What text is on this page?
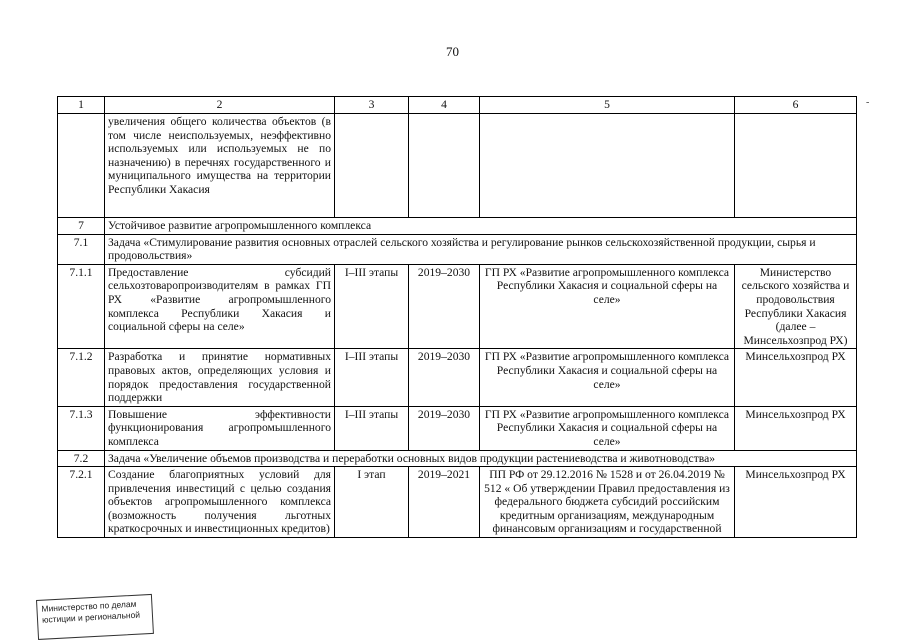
70
-
1	2	3	4	5	6
	увеличения общего количества объектов (в том числе неиспользуемых, неэффективно используемых или используемых не по назначению) в перечнях государственного и муниципального имущества на территории Республики Хакасия				
7	Устойчивое развитие агропромышленного комплекса				
7.1	Задача «Стимулирование развития основных отраслей сельского хозяйства и регулирование рынков сельскохозяйственной продукции, сырья и продовольствия»				
7.1.1	Предоставление субсидий сельхозтоваропроизводителям в рамках ГП РХ «Развитие агропромышленного комплекса Республики Хакасия и социальной сферы на селе»	I–III этапы	2019–2030	ГП РХ «Развитие агропромышленного комплекса Республики Хакасия и социальной сферы на селе»	Министерство сельского хозяйства и продовольствия Республики Хакасия (далее – Минсельхозпрод РХ)
7.1.2	Разработка и принятие нормативных правовых актов, определяющих условия и порядок предоставления государственной поддержки	I–III этапы	2019–2030	ГП РХ «Развитие агропромышленного комплекса Республики Хакасия и социальной сферы на селе»	Минсельхозпрод РХ
7.1.3	Повышение эффективности функционирования агропромышленного комплекса	I–III этапы	2019–2030	ГП РХ «Развитие агропромышленного комплекса Республики Хакасия и социальной сферы на селе»	Минсельхозпрод РХ
7.2	Задача «Увеличение объемов производства и переработки основных видов продукции растениеводства и животноводства»				
7.2.1	Создание благоприятных условий для привлечения инвестиций с целью создания объектов агропромышленного комплекса (возможность получения льготных краткосрочных и инвестиционных кредитов)	I этап	2019–2021	ПП РФ от 29.12.2016 № 1528 и от 26.04.2019 № 512 « Об утверждении Правил предоставления из федерального бюджета субсидий российским кредитным организациям, международным финансовым организациям и государственной	Минсельхозпрод РХ
Министерство по делам юстиции и региональной
